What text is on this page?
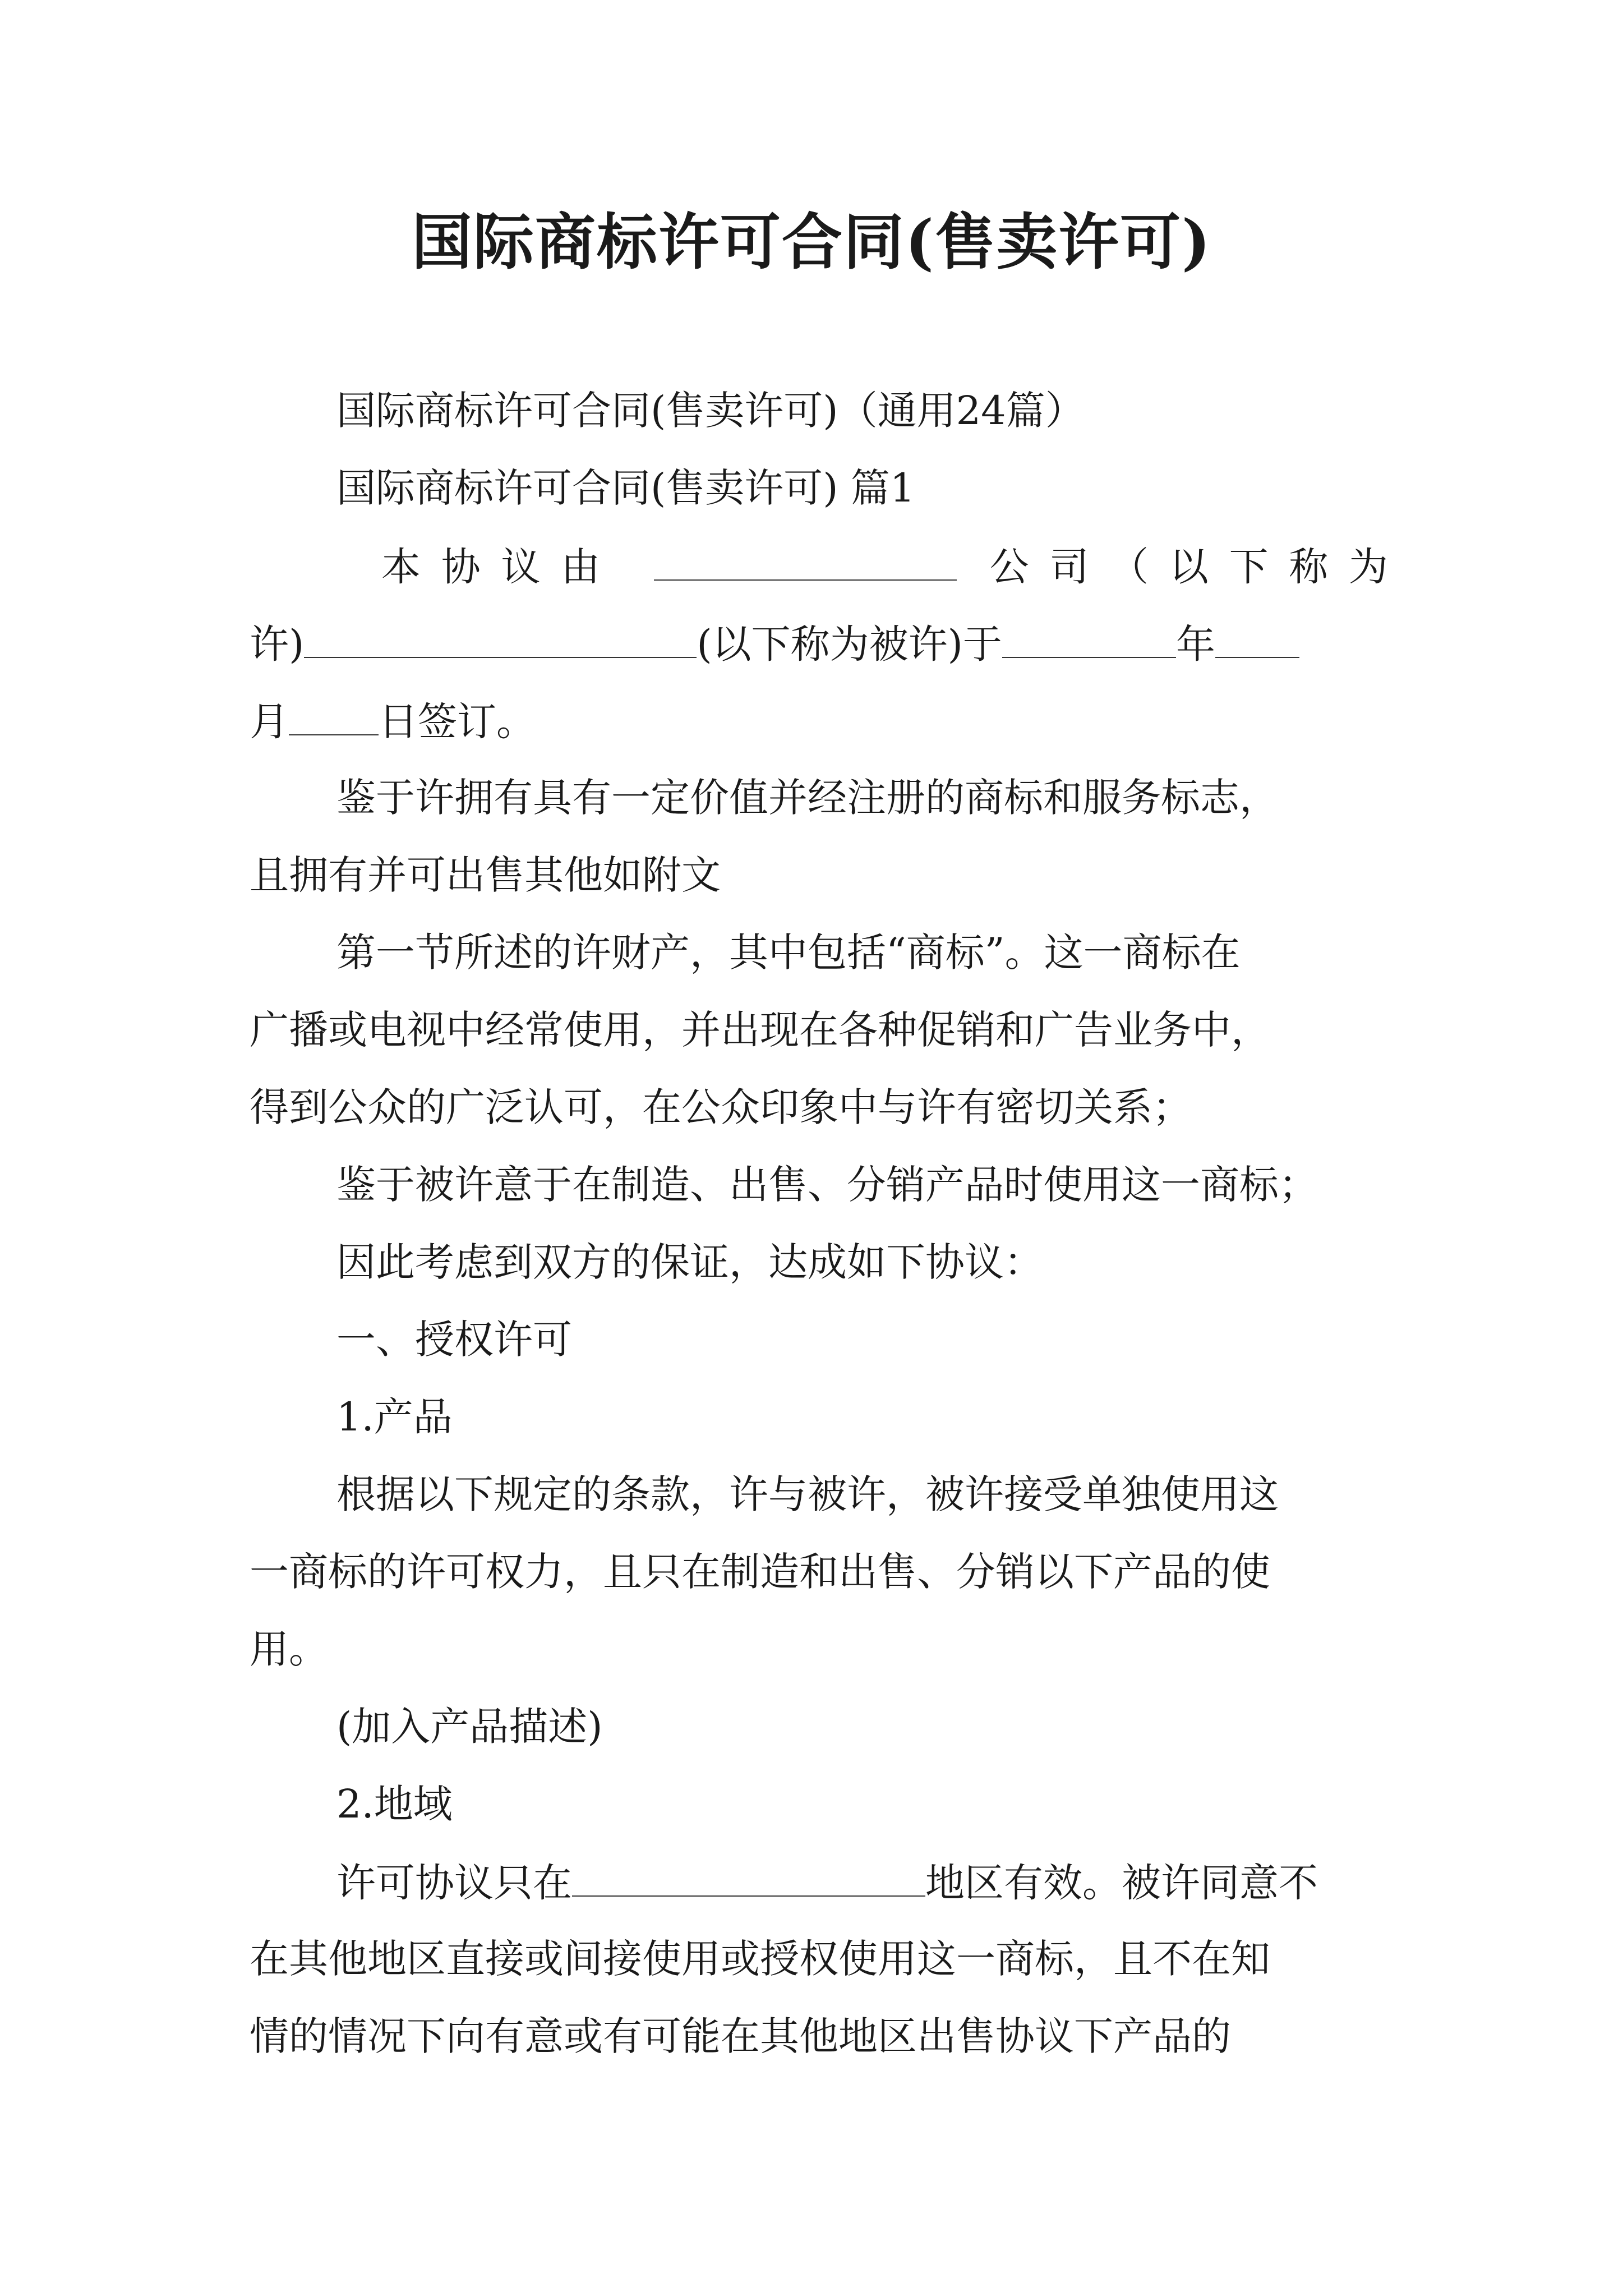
国际商标许可合同(售卖许可)
国际商标许可合同(售卖许可)（通用24篇）
国际商标许可合同(售卖许可) 篇1
本协议由	公司（以下称为
许)	(以下称为被许)于	年
月 日签订。
鉴于许拥有具有一定价值并经注册的商标和服务标志，
且拥有并可出售其他如附文
第一节所述的许财产，其中包括“商标”。这一商标在
广播或电视中经常使用，并出现在各种促销和广告业务中，
得到公众的广泛认可，在公众印象中与许有密切关系；
鉴于被许意于在制造、出售、分销产品时使用这一商标；
因此考虑到双方的保证，达成如下协议：
一、授权许可
1.产品
根据以下规定的条款，许与被许，被许接受单独使用这
一商标的许可权力，且只在制造和出售、分销以下产品的使
用。
(加入产品描述)
2.地域
许可协议只在	地区有效。被许同意不
在其他地区直接或间接使用或授权使用这一商标，且不在知
情的情况下向有意或有可能在其他地区出售协议下产品的
